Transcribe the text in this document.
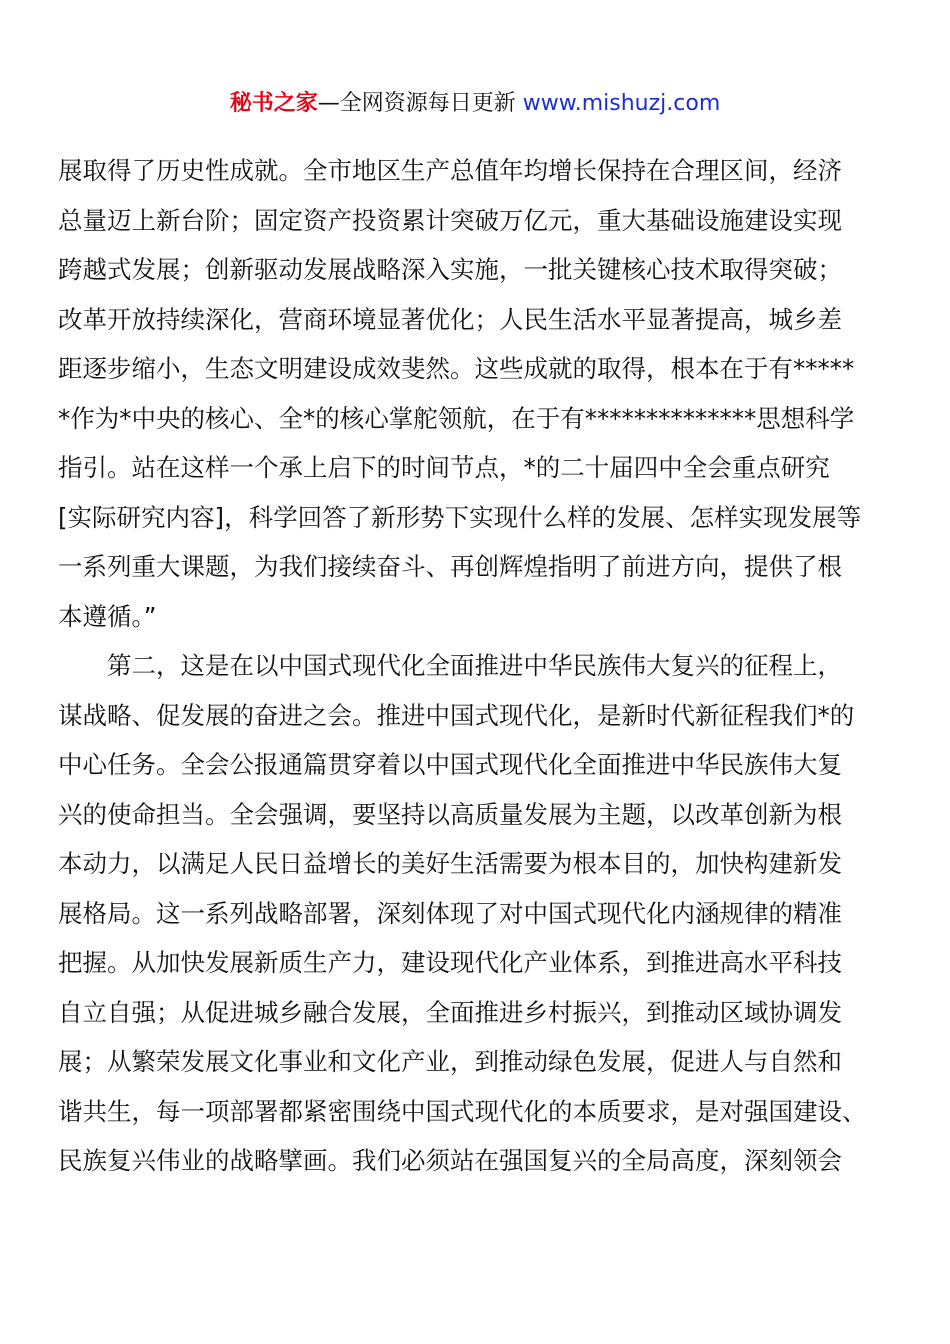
秘书之家—全网资源每日更新 www.mishuzj.com
展取得了历史性成就。全市地区生产总值年均增长保持在合理区间，经济
总量迈上新台阶；固定资产投资累计突破万亿元，重大基础设施建设实现
跨越式发展；创新驱动发展战略深入实施，一批关键核心技术取得突破；
改革开放持续深化，营商环境显著优化；人民生活水平显著提高，城乡差
距逐步缩小，生态文明建设成效斐然。这些成就的取得，根本在于有*****
*作为*中央的核心、全*的核心掌舵领航，在于有**************思想科学
指引。站在这样一个承上启下的时间节点，*的二十届四中全会重点研究
[实际研究内容]，科学回答了新形势下实现什么样的发展、怎样实现发展等
一系列重大课题，为我们接续奋斗、再创辉煌指明了前进方向，提供了根
本遵循。”
第二，这是在以中国式现代化全面推进中华民族伟大复兴的征程上，
谋战略、促发展的奋进之会。推进中国式现代化，是新时代新征程我们*的
中心任务。全会公报通篇贯穿着以中国式现代化全面推进中华民族伟大复
兴的使命担当。全会强调，要坚持以高质量发展为主题，以改革创新为根
本动力，以满足人民日益增长的美好生活需要为根本目的，加快构建新发
展格局。这一系列战略部署，深刻体现了对中国式现代化内涵规律的精准
把握。从加快发展新质生产力，建设现代化产业体系，到推进高水平科技
自立自强；从促进城乡融合发展，全面推进乡村振兴，到推动区域协调发
展；从繁荣发展文化事业和文化产业，到推动绿色发展，促进人与自然和
谐共生，每一项部署都紧密围绕中国式现代化的本质要求，是对强国建设、
民族复兴伟业的战略擘画。我们必须站在强国复兴的全局高度，深刻领会
